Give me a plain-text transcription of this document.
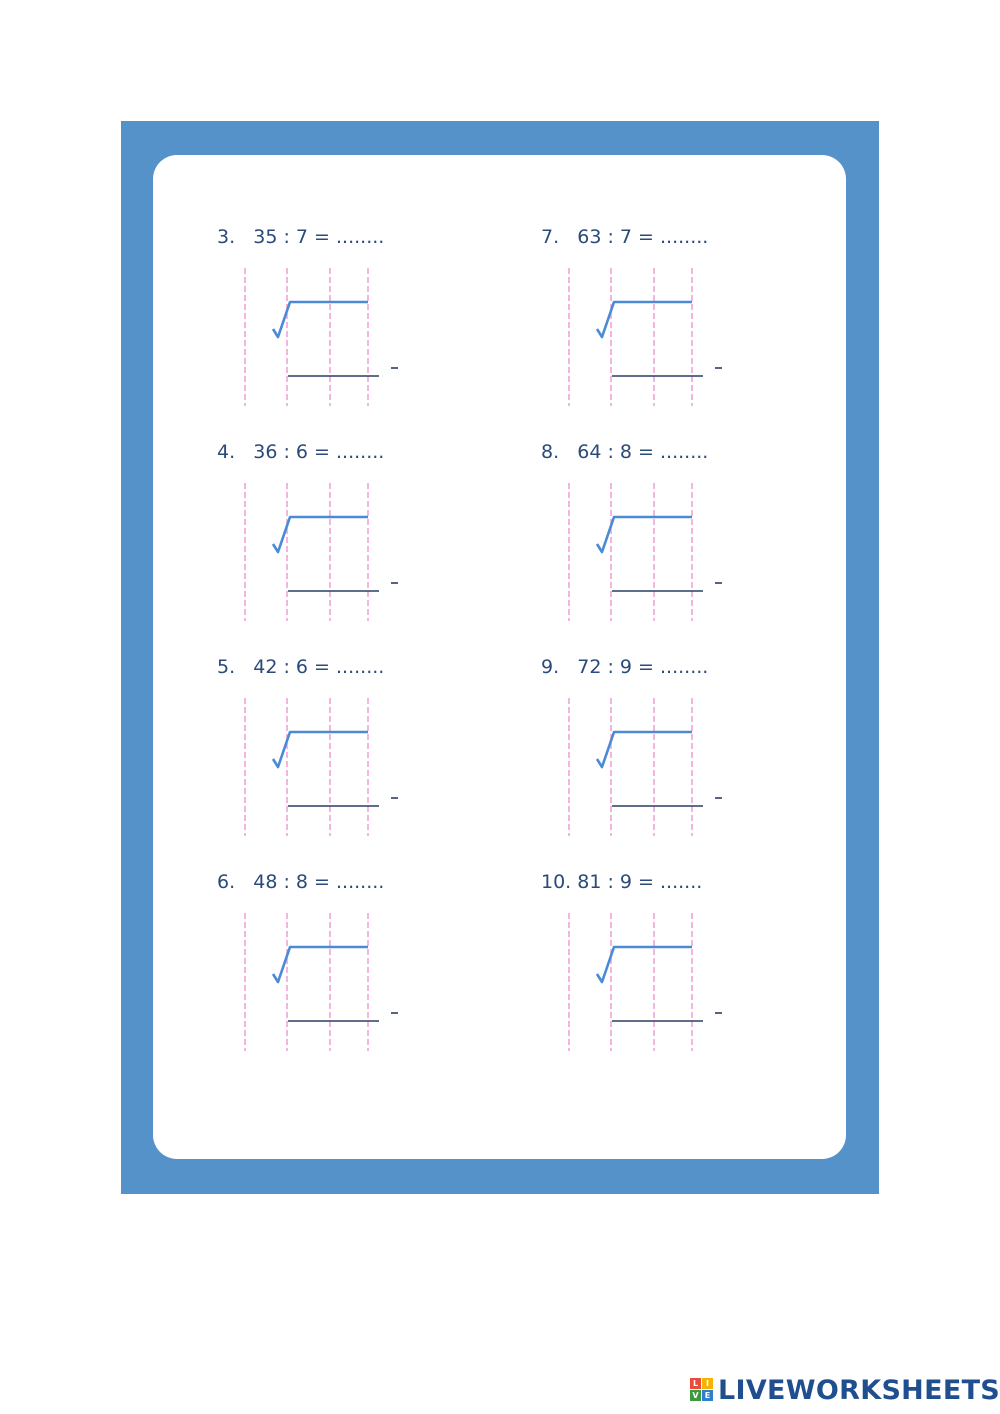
3.   35 : 7 = ........
4.   36 : 6 = ........
5.   42 : 6 = ........
6.   48 : 8 = ........
7.   63 : 7 = ........
8.   64 : 8 = ........
9.   72 : 9 = ........
10. 81 : 9 = .......
L I
V E LIVEWORKSHEETS
